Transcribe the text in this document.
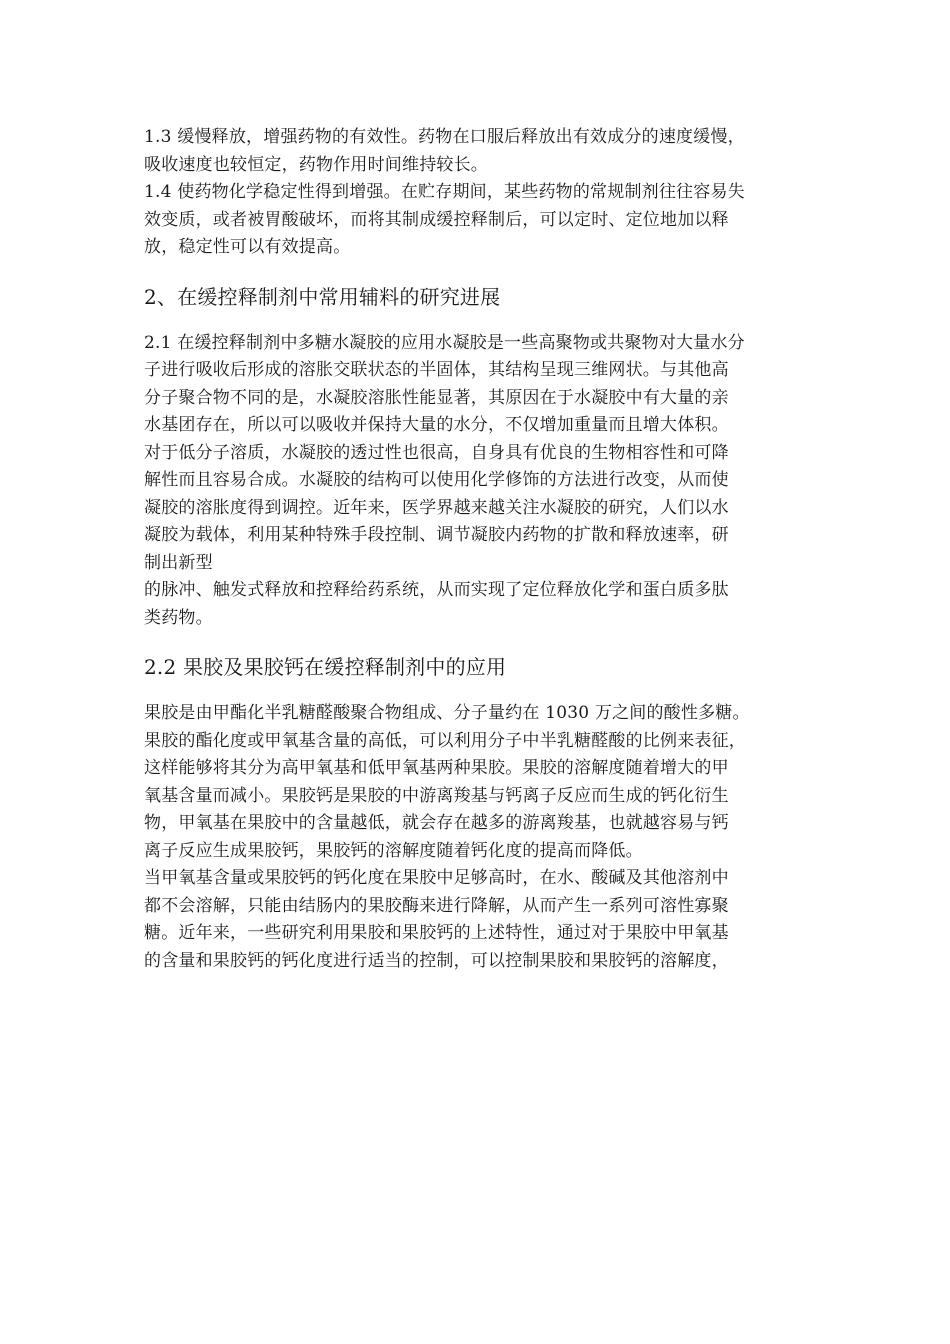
1.3 缓慢释放，增强药物的有效性。药物在口服后释放出有效成分的速度缓慢，
吸收速度也较恒定，药物作用时间维持较长。
1.4 使药物化学稳定性得到增强。在贮存期间，某些药物的常规制剂往往容易失
效变质，或者被胃酸破坏，而将其制成缓控释制后，可以定时、定位地加以释
放，稳定性可以有效提高。
2、在缓控释制剂中常用辅料的研究进展
2.1 在缓控释制剂中多糖水凝胶的应用水凝胶是一些高聚物或共聚物对大量水分
子进行吸收后形成的溶胀交联状态的半固体，其结构呈现三维网状。与其他高
分子聚合物不同的是，水凝胶溶胀性能显著，其原因在于水凝胶中有大量的亲
水基团存在，所以可以吸收并保持大量的水分，不仅增加重量而且增大体积。
对于低分子溶质，水凝胶的透过性也很高，自身具有优良的生物相容性和可降
解性而且容易合成。水凝胶的结构可以使用化学修饰的方法进行改变，从而使
凝胶的溶胀度得到调控。近年来，医学界越来越关注水凝胶的研究，人们以水
凝胶为载体，利用某种特殊手段控制、调节凝胶内药物的扩散和释放速率，研
制出新型
的脉冲、触发式释放和控释给药系统，从而实现了定位释放化学和蛋白质多肽
类药物。
2.2 果胶及果胶钙在缓控释制剂中的应用
果胶是由甲酯化半乳糖醛酸聚合物组成、分子量约在 1030 万之间的酸性多糖。
果胶的酯化度或甲氧基含量的高低，可以利用分子中半乳糖醛酸的比例来表征，
这样能够将其分为高甲氧基和低甲氧基两种果胶。果胶的溶解度随着增大的甲
氧基含量而减小。果胶钙是果胶的中游离羧基与钙离子反应而生成的钙化衍生
物，甲氧基在果胶中的含量越低，就会存在越多的游离羧基，也就越容易与钙
离子反应生成果胶钙，果胶钙的溶解度随着钙化度的提高而降低。
当甲氧基含量或果胶钙的钙化度在果胶中足够高时，在水、酸碱及其他溶剂中
都不会溶解，只能由结肠内的果胶酶来进行降解，从而产生一系列可溶性寡聚
糖。近年来，一些研究利用果胶和果胶钙的上述特性，通过对于果胶中甲氧基
的含量和果胶钙的钙化度进行适当的控制，可以控制果胶和果胶钙的溶解度，
